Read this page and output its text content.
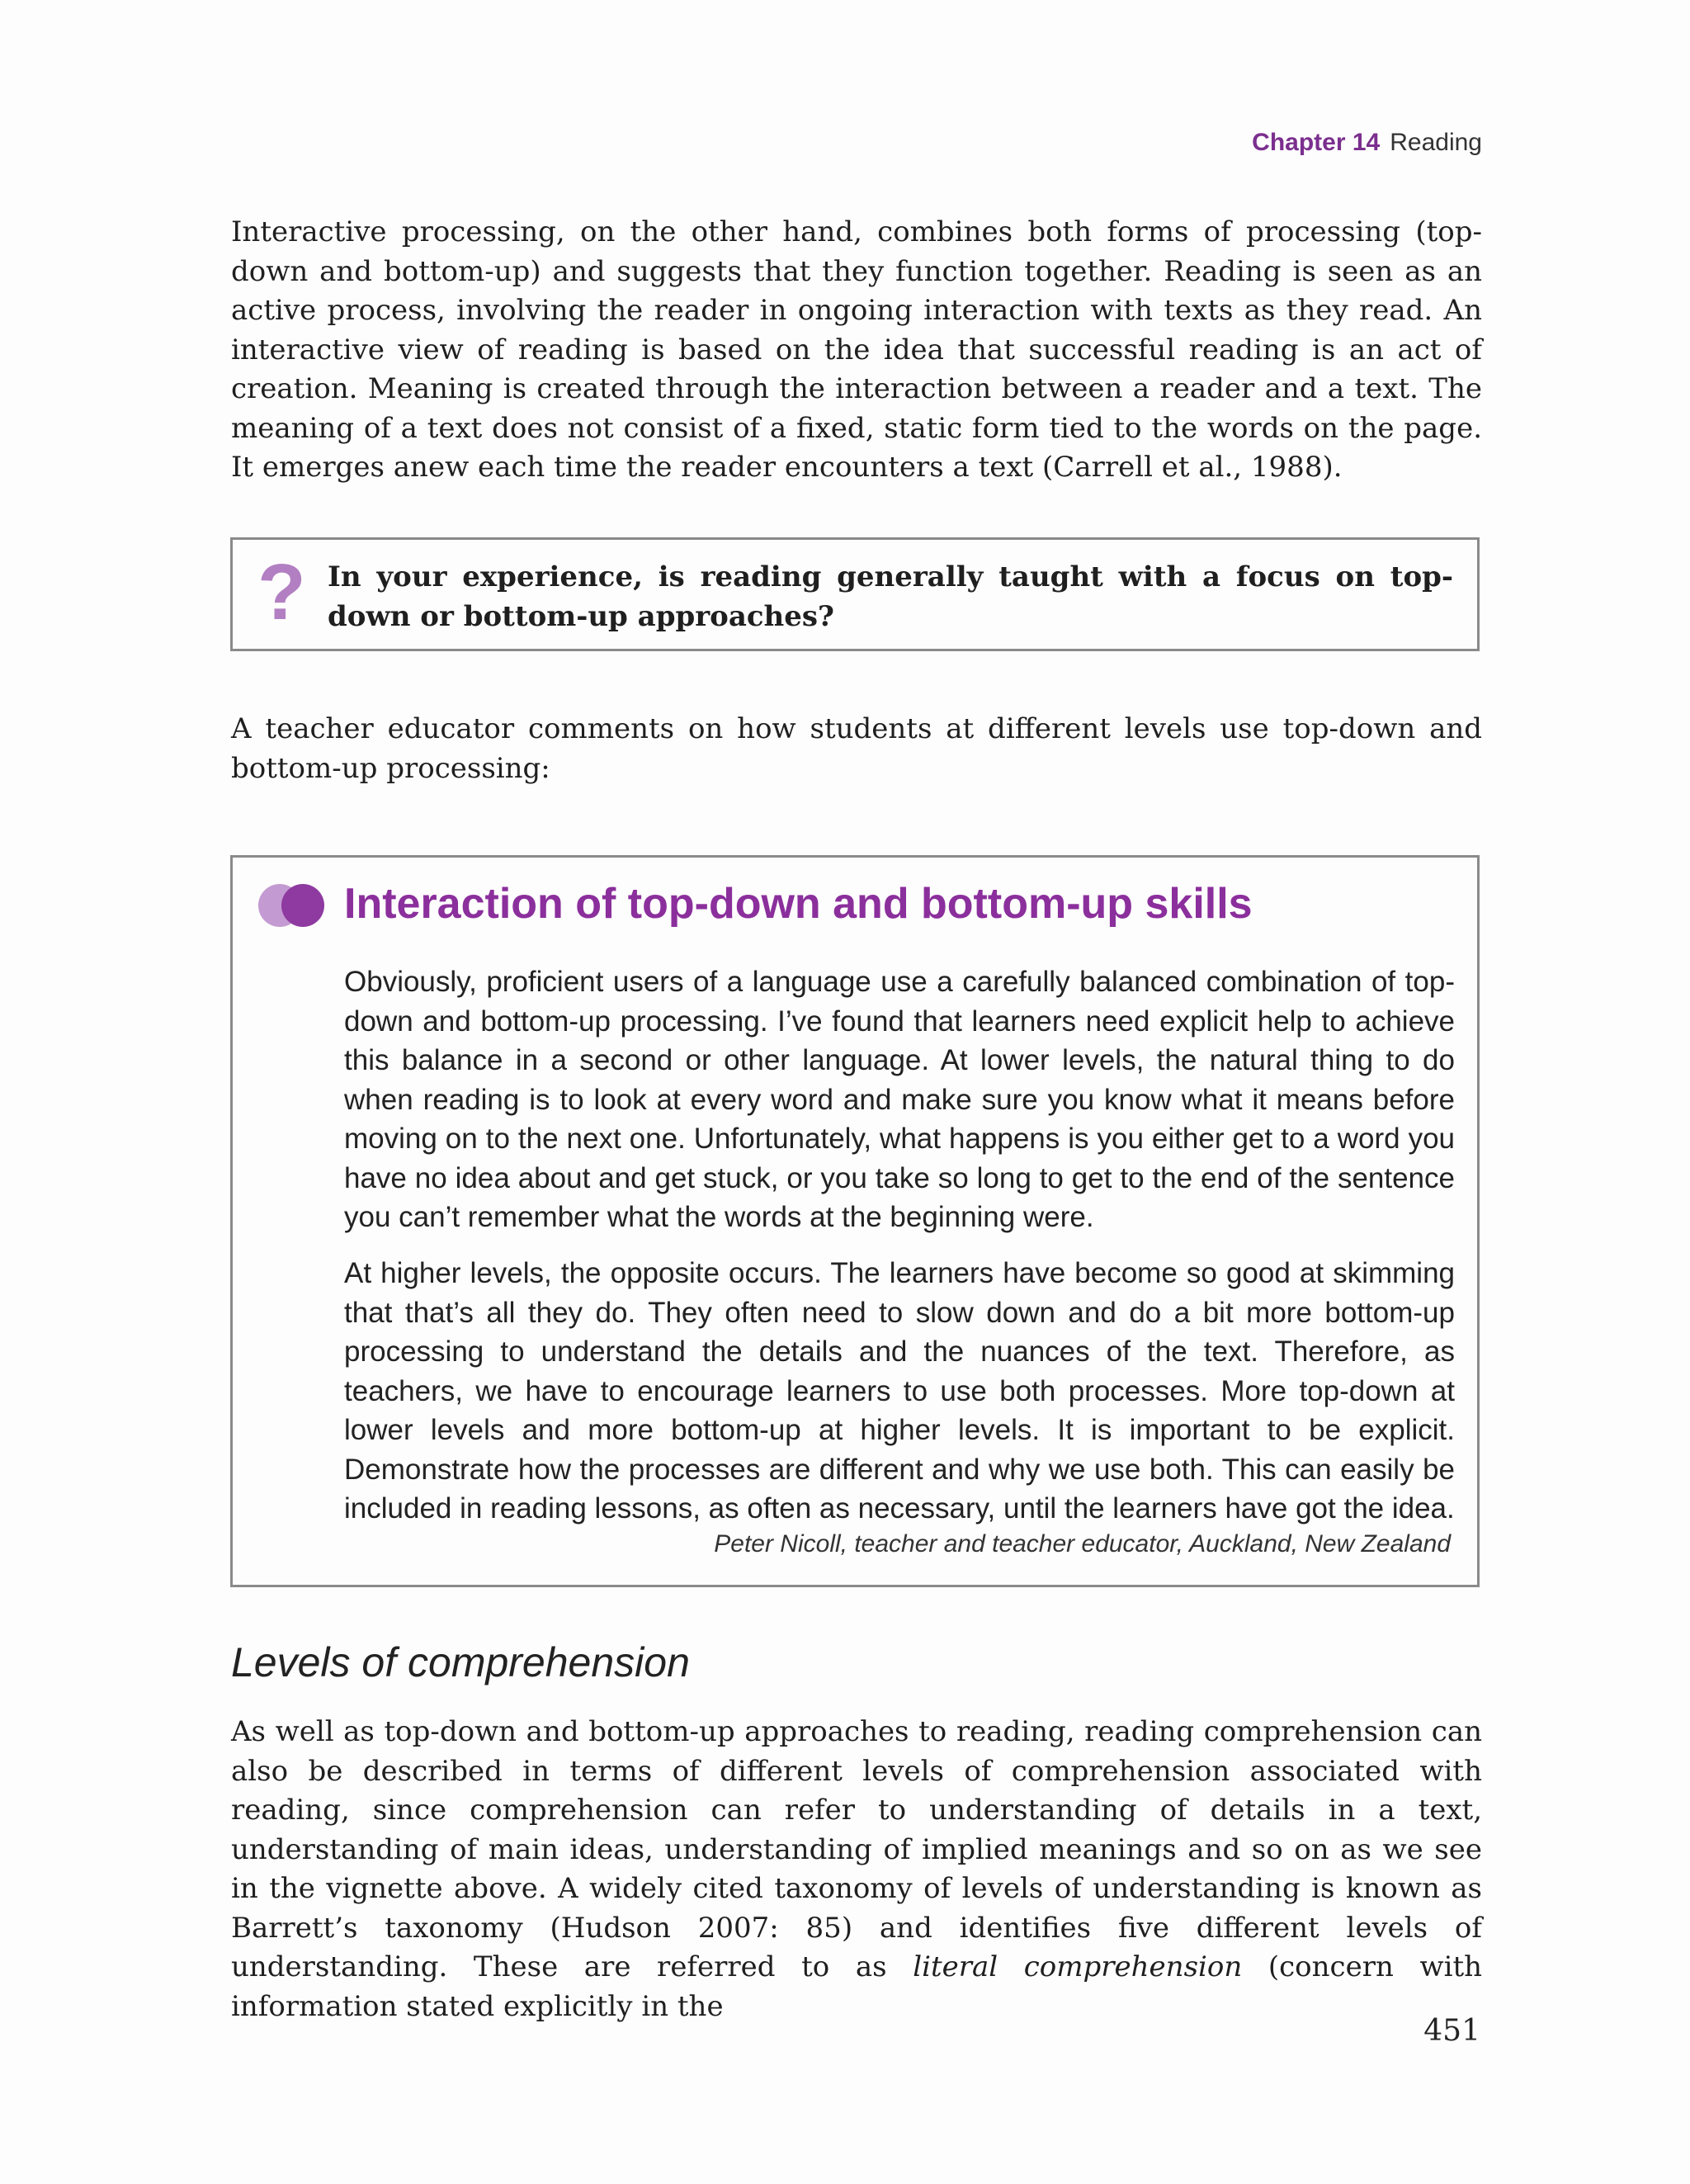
Chapter 14 Reading

Interactive processing, on the other hand, combines both forms of processing (top-down and bottom-up) and suggests that they function together. Reading is seen as an active process, involving the reader in ongoing interaction with texts as they read. An interactive view of reading is based on the idea that successful reading is an act of creation. Meaning is created through the interaction between a reader and a text. The meaning of a text does not consist of a fixed, static form tied to the words on the page. It emerges anew each time the reader encounters a text (Carrell et al., 1988).

? In your experience, is reading generally taught with a focus on top-down or bottom-up approaches?

A teacher educator comments on how students at different levels use top-down and bottom-up processing:

Interaction of top-down and bottom-up skills

Obviously, proficient users of a language use a carefully balanced combination of top-down and bottom-up processing. I’ve found that learners need explicit help to achieve this balance in a second or other language. At lower levels, the natural thing to do when reading is to look at every word and make sure you know what it means before moving on to the next one. Unfortunately, what happens is you either get to a word you have no idea about and get stuck, or you take so long to get to the end of the sentence you can’t remember what the words at the beginning were.

At higher levels, the opposite occurs. The learners have become so good at skimming that that’s all they do. They often need to slow down and do a bit more bottom-up processing to understand the details and the nuances of the text. Therefore, as teachers, we have to encourage learners to use both processes. More top-down at lower levels and more bottom-up at higher levels. It is important to be explicit. Demonstrate how the processes are different and why we use both. This can easily be included in reading lessons, as often as necessary, until the learners have got the idea.

Peter Nicoll, teacher and teacher educator, Auckland, New Zealand

Levels of comprehension

As well as top-down and bottom-up approaches to reading, reading comprehension can also be described in terms of different levels of comprehension associated with reading, since comprehension can refer to understanding of details in a text, understanding of main ideas, understanding of implied meanings and so on as we see in the vignette above. A widely cited taxonomy of levels of understanding is known as Barrett’s taxonomy (Hudson 2007: 85) and identifies five different levels of understanding. These are referred to as literal comprehension (concern with information stated explicitly in the

451
